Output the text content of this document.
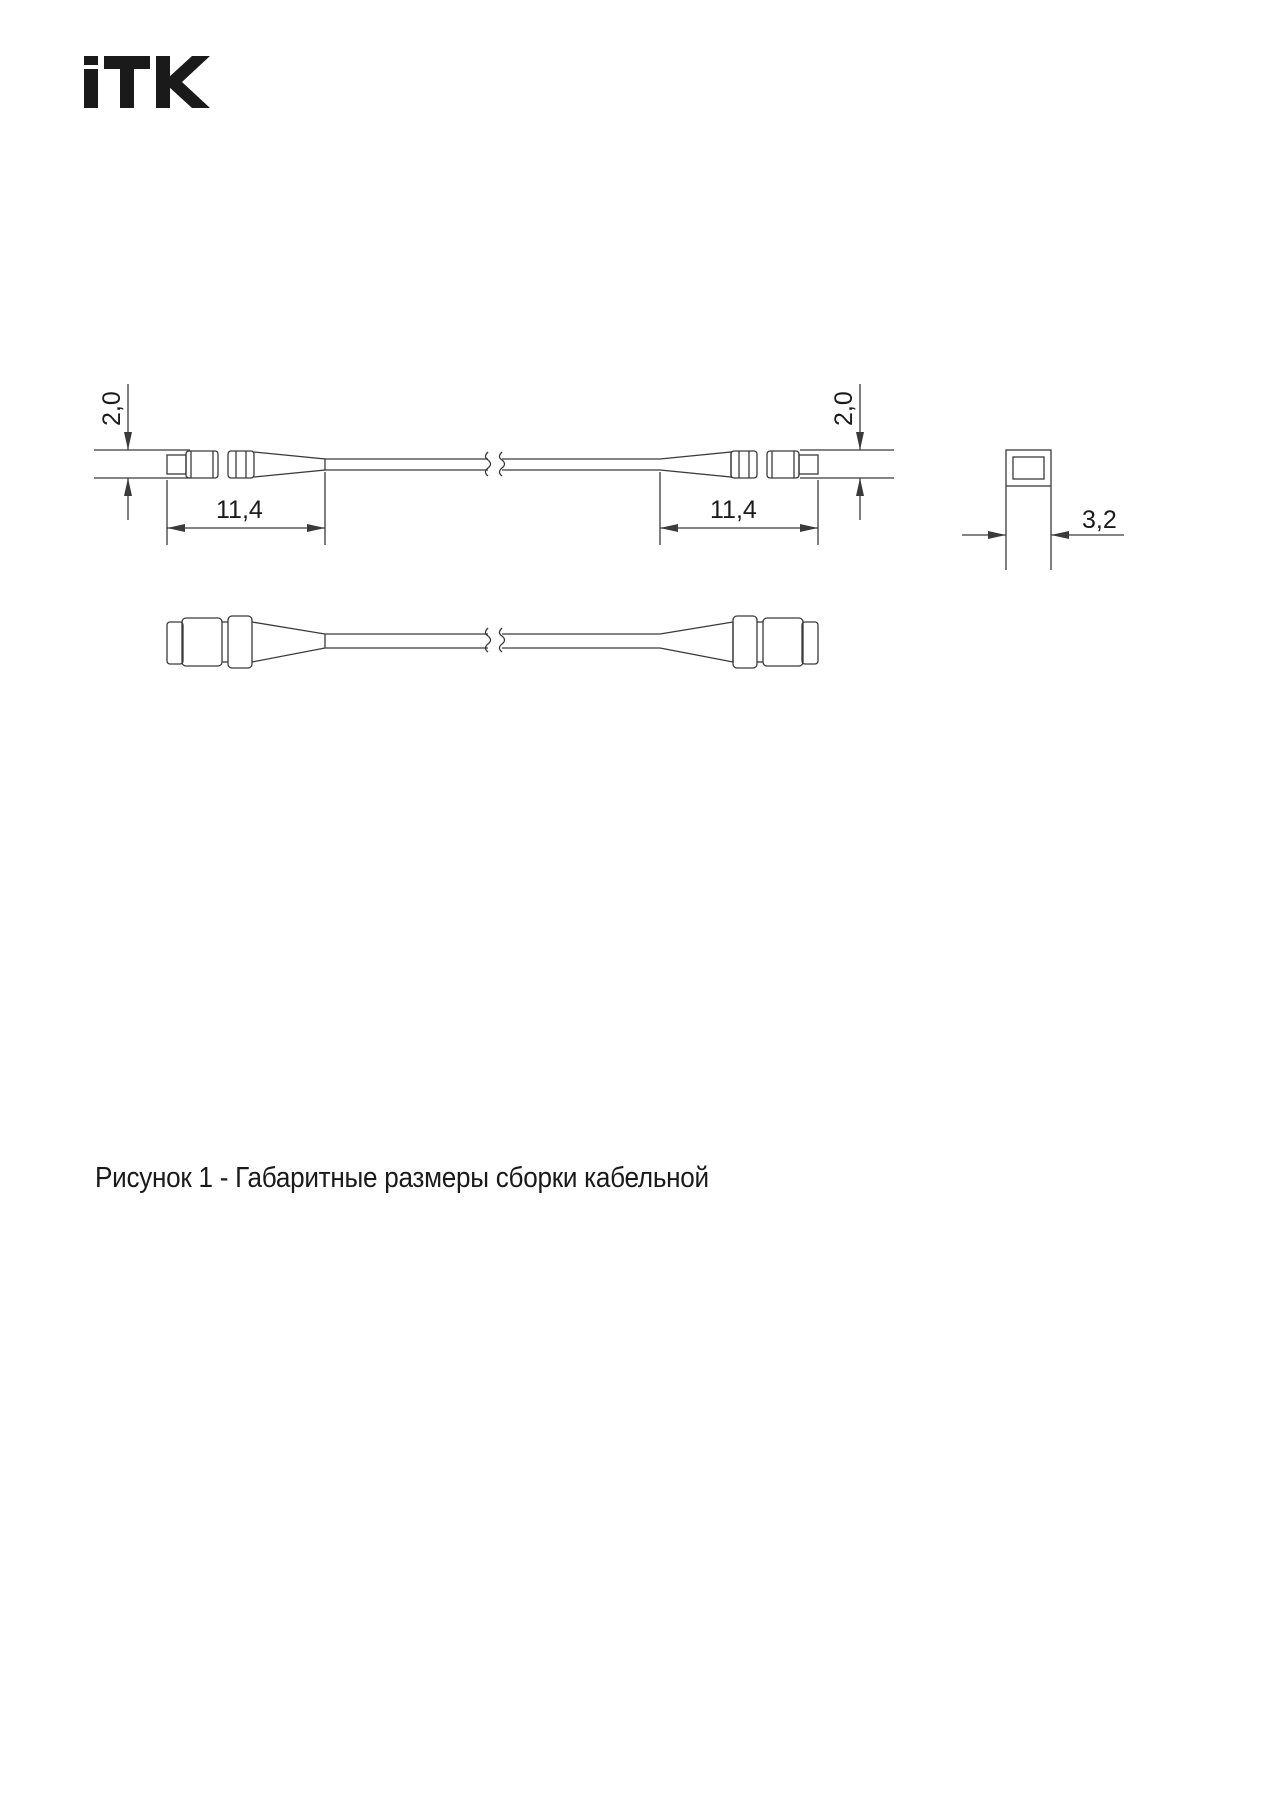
2,0	2,0
11,4	11,4	3,2
Рисунок 1 - Габаритные размеры сборки кабельной
